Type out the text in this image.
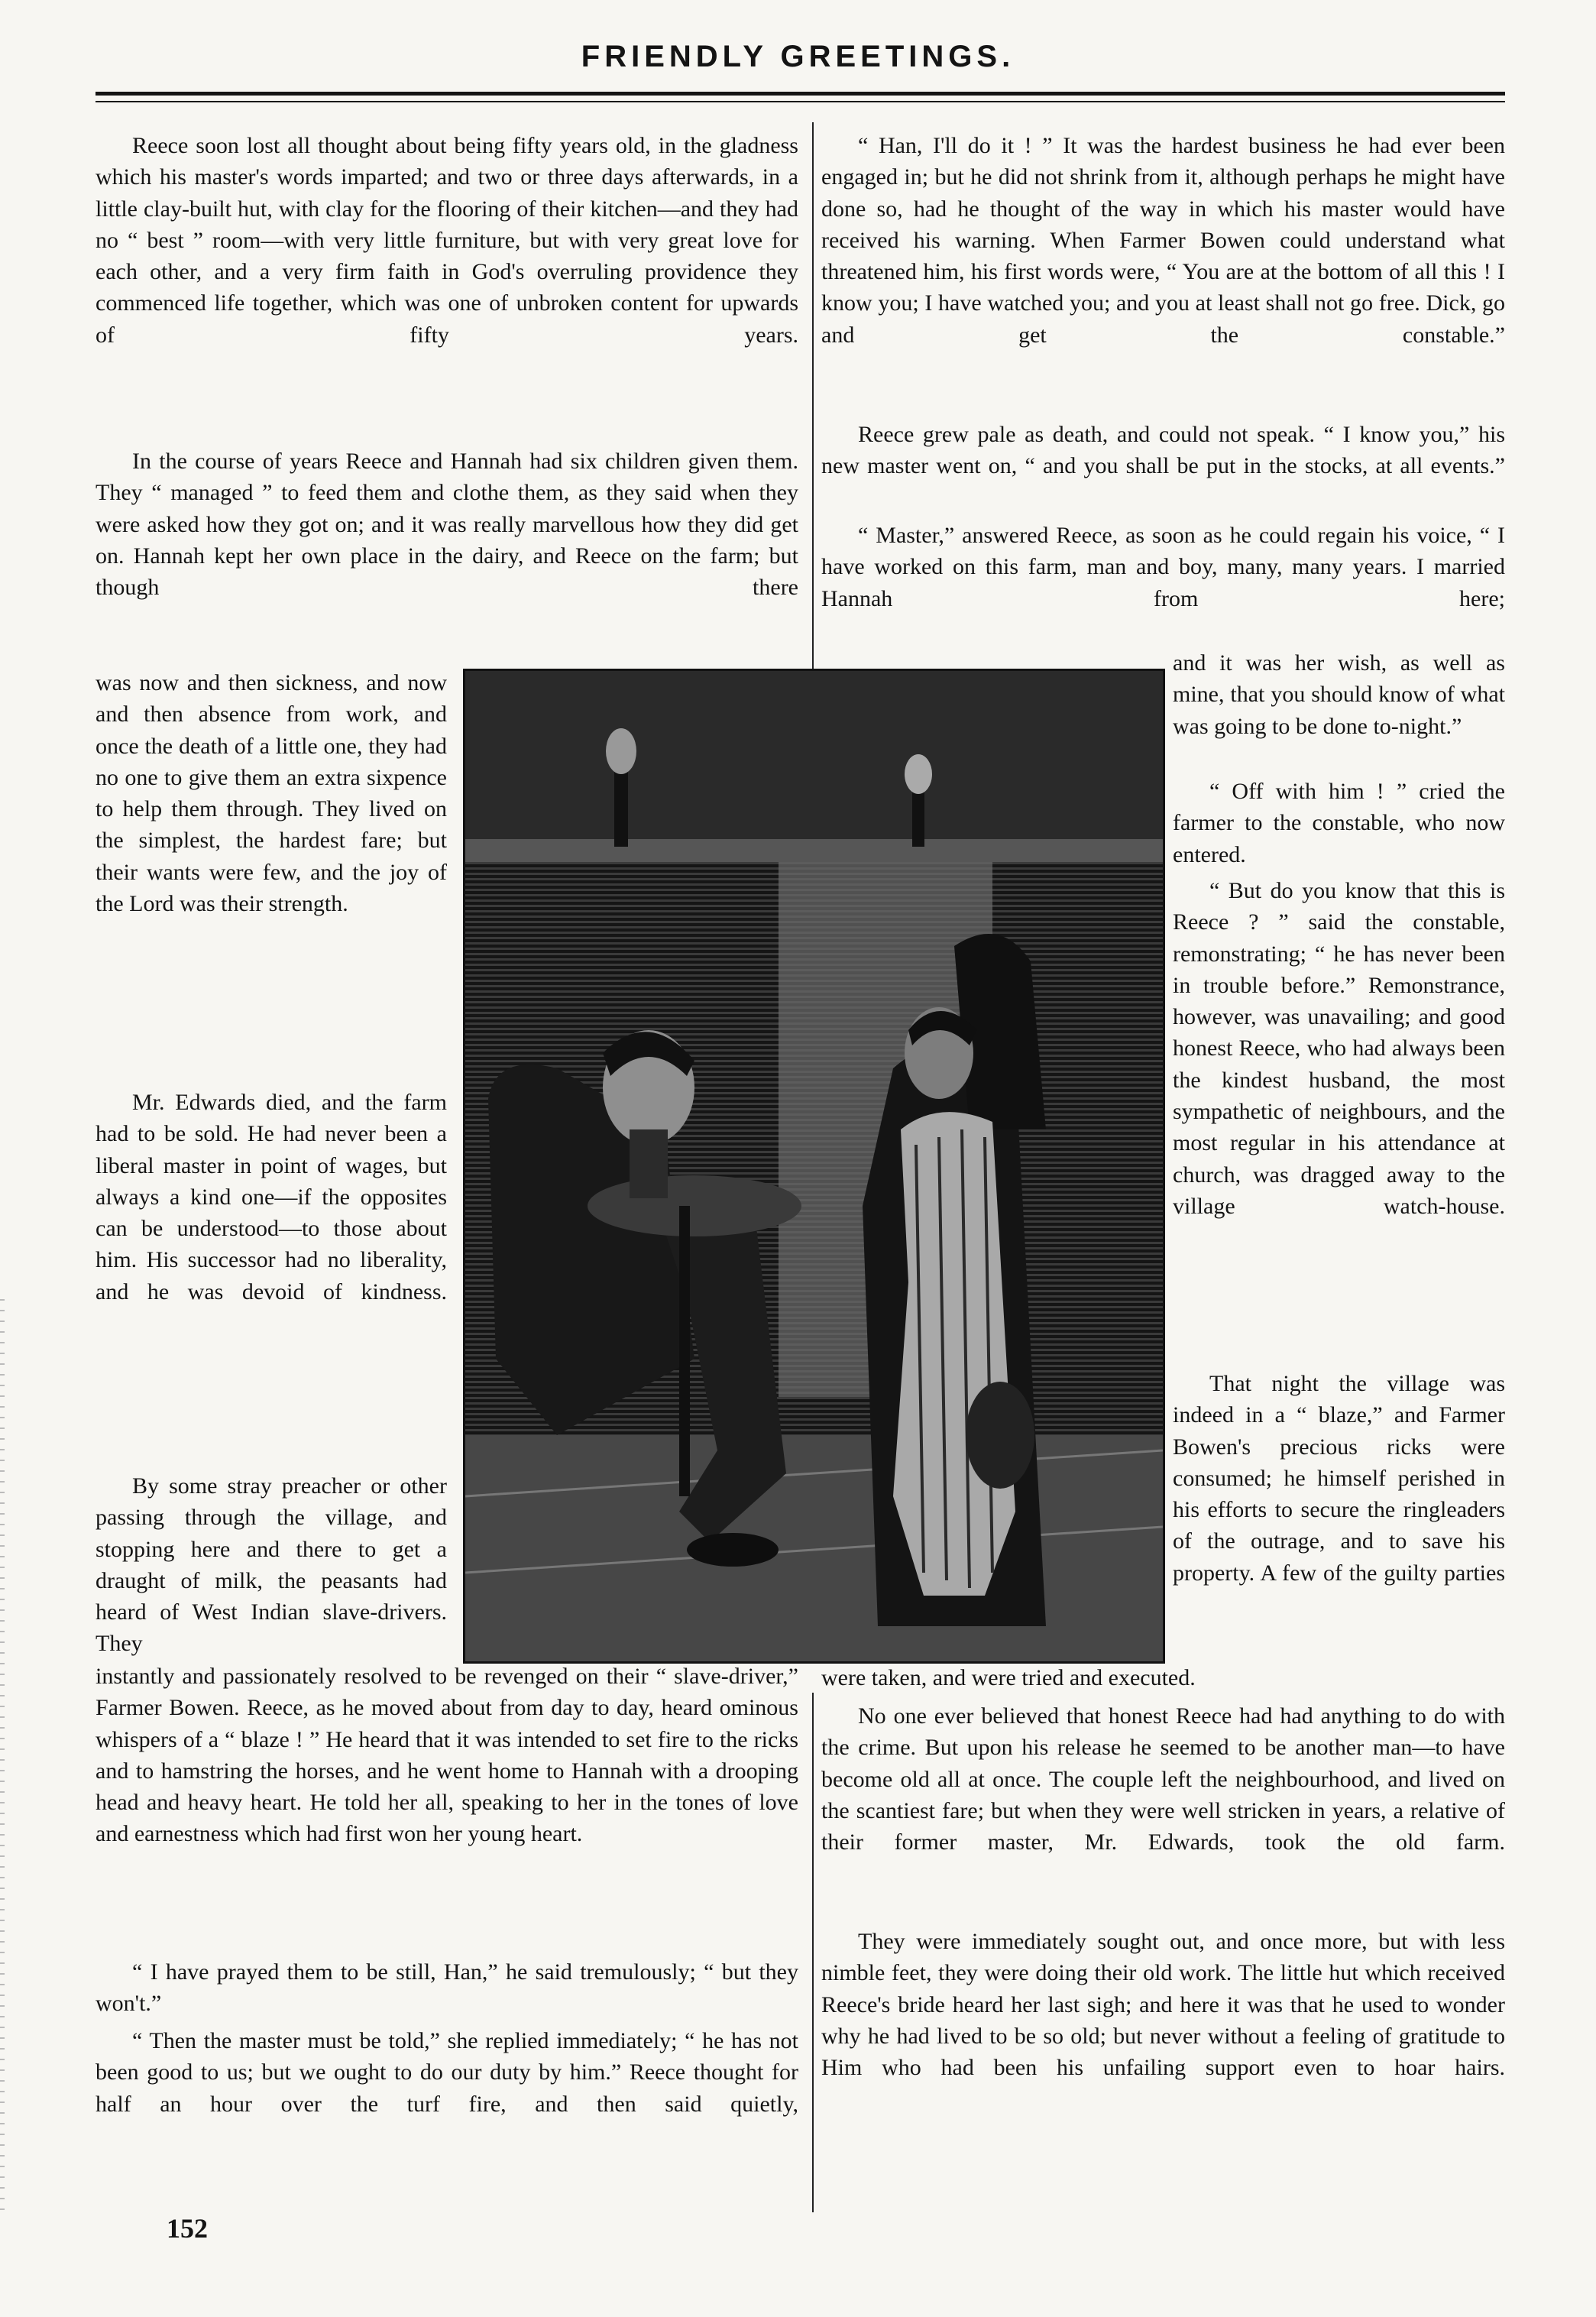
FRIENDLY GREETINGS.

Reece soon lost all thought about being fifty years old, in the gladness which his master's words imparted; and two or three days afterwards, in a little clay-built hut, with clay for the flooring of their kitchen—and they had no “ best ” room—with very little furniture, but with very great love for each other, and a very firm faith in God's overruling providence they commenced life together, which was one of unbroken content for upwards of fifty years.

In the course of years Reece and Hannah had six children given them. They “ managed ” to feed them and clothe them, as they said when they were asked how they got on; and it was really marvellous how they did get on. Hannah kept her own place in the dairy, and Reece on the farm; but though there

was now and then sickness, and now and then absence from work, and once the death of a little one, they had no one to give them an extra sixpence to help them through. They lived on the simplest, the hardest fare; but their wants were few, and the joy of the Lord was their strength.

Mr. Edwards died, and the farm had to be sold. He had never been a liberal master in point of wages, but always a kind one—if the opposites can be understood—to those about him. His successor had no liberality, and he was devoid of kindness.

By some stray preacher or other passing through the village, and stopping here and there to get a draught of milk, the peasants had heard of West Indian slave-drivers. They

instantly and passionately resolved to be revenged on their “ slave-driver,” Farmer Bowen. Reece, as he moved about from day to day, heard ominous whispers of a “ blaze ! ” He heard that it was intended to set fire to the ricks and to hamstring the horses, and he went home to Hannah with a drooping head and heavy heart. He told her all, speaking to her in the tones of love and earnestness which had first won her young heart.

“ I have prayed them to be still, Han,” he said tremulously; “ but they won't.”

“ Then the master must be told,” she replied immediately; “ he has not been good to us; but we ought to do our duty by him.” Reece thought for half an hour over the turf fire, and then said quietly,

“ Han, I'll do it ! ” It was the hardest business he had ever been engaged in; but he did not shrink from it, although perhaps he might have done so, had he thought of the way in which his master would have received his warning. When Farmer Bowen could understand what threatened him, his first words were, “ You are at the bottom of all this ! I know you; I have watched you; and you at least shall not go free. Dick, go and get the constable.”

Reece grew pale as death, and could not speak. “ I know you,” his new master went on, “ and you shall be put in the stocks, at all events.”

“ Master,” answered Reece, as soon as he could regain his voice, “ I have worked on this farm, man and boy, many, many years. I married Hannah from here;

and it was her wish, as well as mine, that you should know of what was going to be done to-night.”

“ Off with him ! ” cried the farmer to the constable, who now entered.

“ But do you know that this is Reece ? ” said the constable, remonstrating; “ he has never been in trouble before.” Remonstrance, however, was unavailing; and good honest Reece, who had always been the kindest husband, the most sympathetic of neighbours, and the most regular in his attendance at church, was dragged away to the village watch-house.

That night the village was indeed in a “ blaze,” and Farmer Bowen's precious ricks were consumed; he himself perished in his efforts to secure the ringleaders of the outrage, and to save his property. A few of the guilty parties

were taken, and were tried and executed.

No one ever believed that honest Reece had had anything to do with the crime. But upon his release he seemed to be another man—to have become old all at once. The couple left the neighbourhood, and lived on the scantiest fare; but when they were well stricken in years, a relative of their former master, Mr. Edwards, took the old farm.

They were immediately sought out, and once more, but with less nimble feet, they were doing their old work. The little hut which received Reece's bride heard her last sigh; and here it was that he used to wonder why he had lived to be so old; but never without a feeling of gratitude to Him who had been his unfailing support even to hoar hairs.

152
